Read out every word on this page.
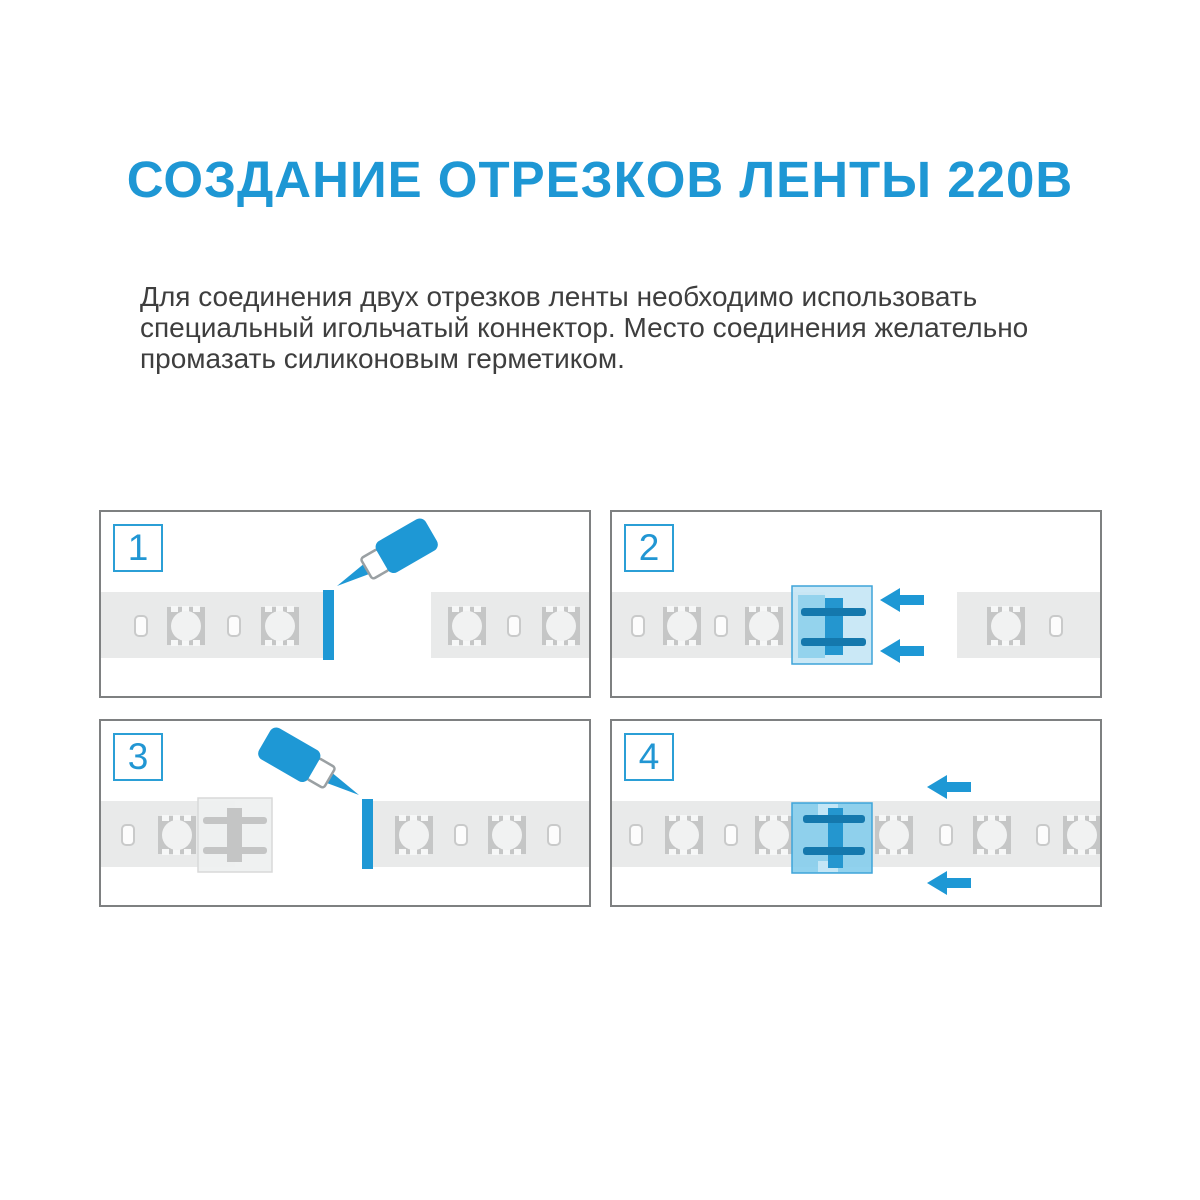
СОЗДАНИЕ ОТРЕЗКОВ ЛЕНТЫ 220В
Для соединения двух отрезков ленты необходимо использовать
специальный игольчатый коннектор. Место соединения желательно
промазать силиконовым герметиком.
1	2
3	4
